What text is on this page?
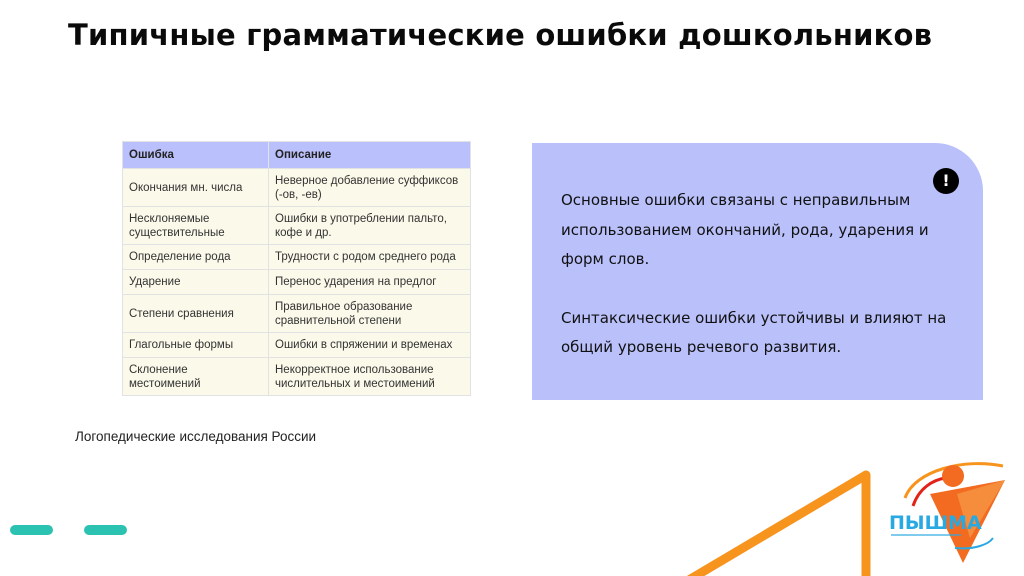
Типичные грамматические ошибки дошкольников
Ошибка	Описание
Окончания мн. числа	Неверное добавление суффиксов (-ов, -ев)
Несклоняемые существительные	Ошибки в употреблении пальто, кофе и др.
Определение рода	Трудности с родом среднего рода
Ударение	Перенос ударения на предлог
Степени сравнения	Правильное образование сравнительной степени
Глагольные формы	Ошибки в спряжении и временах
Склонение местоимений	Некорректное использование числительных и местоимений
Логопедические исследования России
!

Основные ошибки связаны с неправильным использованием окончаний, рода, ударения и форм слов.

Синтаксические ошибки устойчивы и влияют на общий уровень речевого развития.

ПЫШМА
